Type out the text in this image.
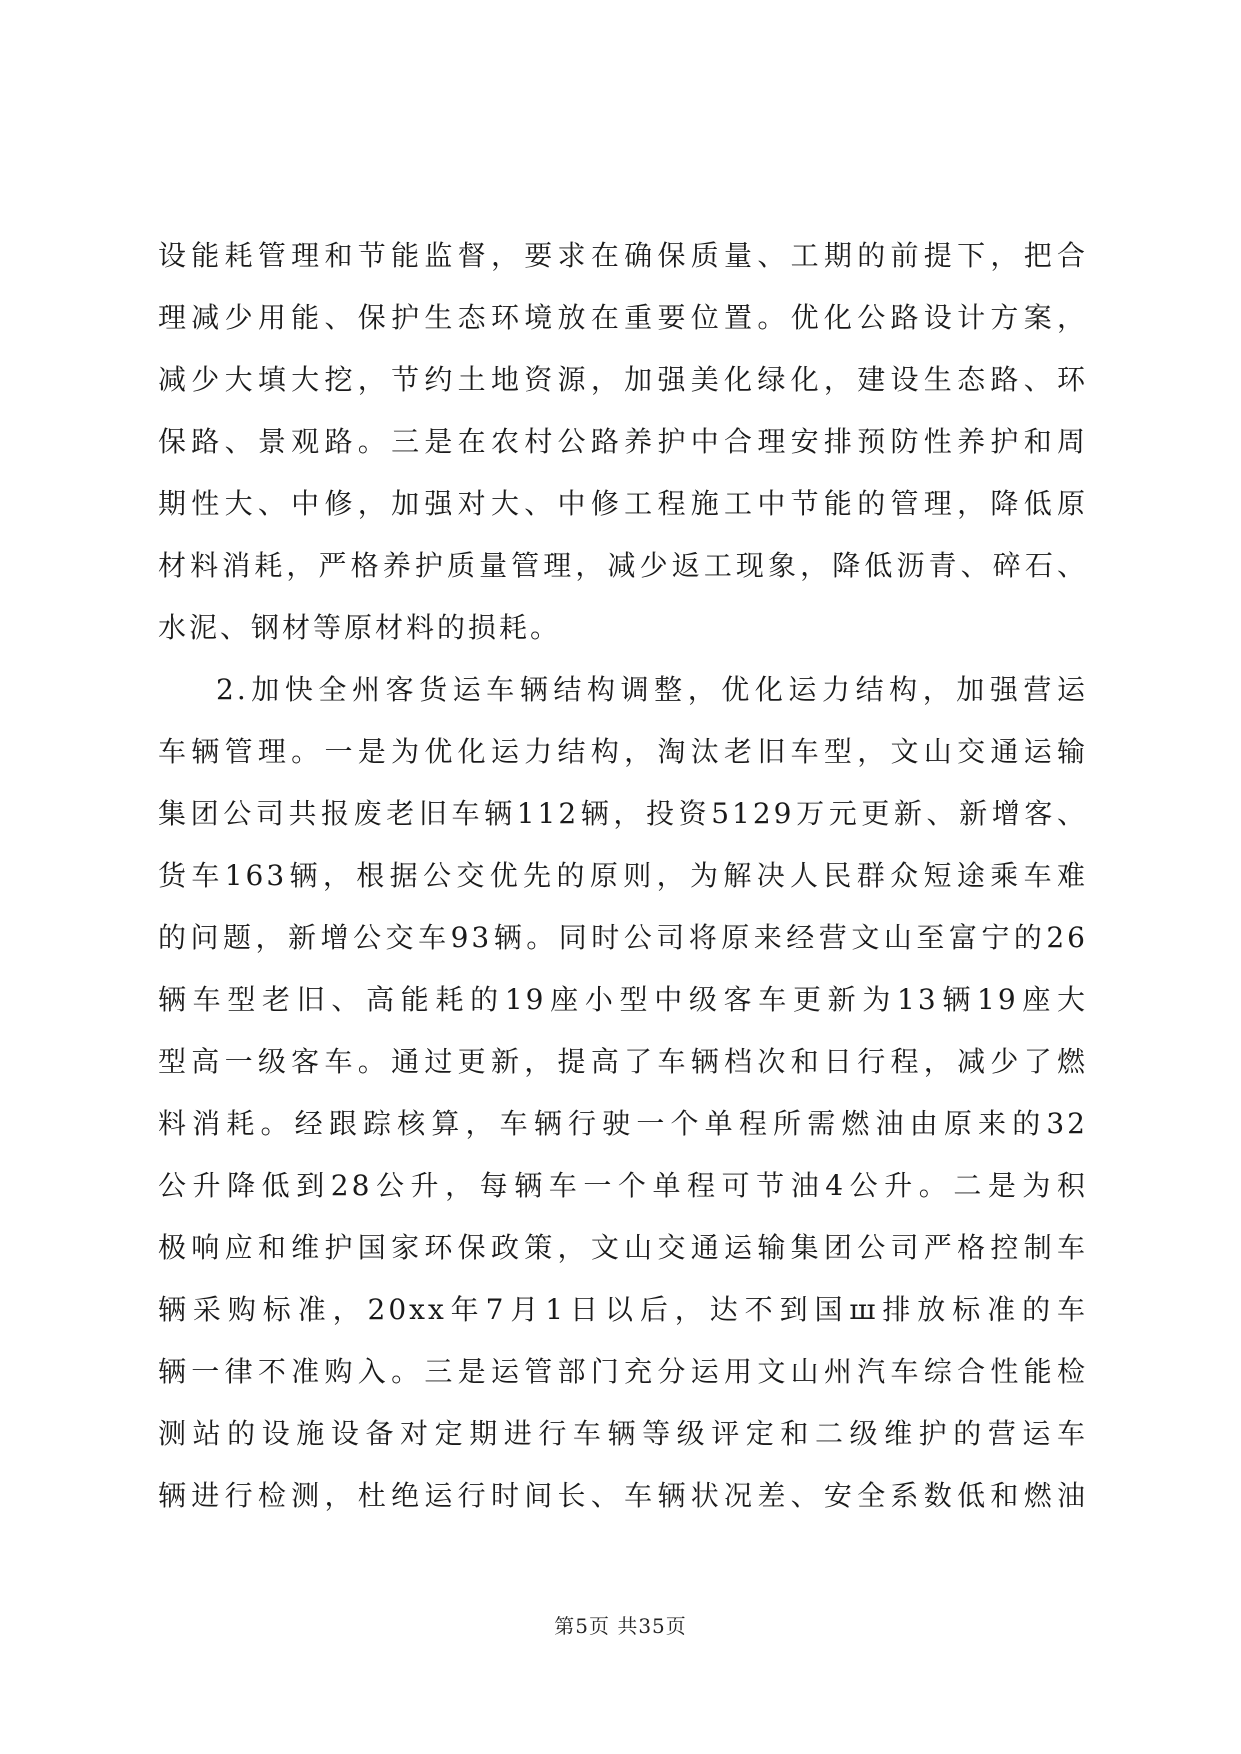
设能耗管理和节能监督，要求在确保质量、工期的前提下，把合
理减少用能、保护生态环境放在重要位置。优化公路设计方案，
减少大填大挖，节约土地资源，加强美化绿化，建设生态路、环
保路、景观路。三是在农村公路养护中合理安排预防性养护和周
期性大、中修，加强对大、中修工程施工中节能的管理，降低原
材料消耗，严格养护质量管理，减少返工现象，降低沥青、碎石、
水泥、钢材等原材料的损耗。
2.加快全州客货运车辆结构调整，优化运力结构，加强营运
车辆管理。一是为优化运力结构，淘汰老旧车型，文山交通运输
集团公司共报废老旧车辆112辆，投资5129万元更新、新增客、
货车163辆，根据公交优先的原则，为解决人民群众短途乘车难
的问题，新增公交车93辆。同时公司将原来经营文山至富宁的26
辆车型老旧、高能耗的19座小型中级客车更新为13辆19座大
型高一级客车。通过更新，提高了车辆档次和日行程，减少了燃
料消耗。经跟踪核算，车辆行驶一个单程所需燃油由原来的32
公升降低到28公升，每辆车一个单程可节油4公升。二是为积
极响应和维护国家环保政策，文山交通运输集团公司严格控制车
辆采购标准，20xx年7月1日以后，达不到国ш排放标准的车
辆一律不准购入。三是运管部门充分运用文山州汽车综合性能检
测站的设施设备对定期进行车辆等级评定和二级维护的营运车
辆进行检测，杜绝运行时间长、车辆状况差、安全系数低和燃油
第5页 共35页
